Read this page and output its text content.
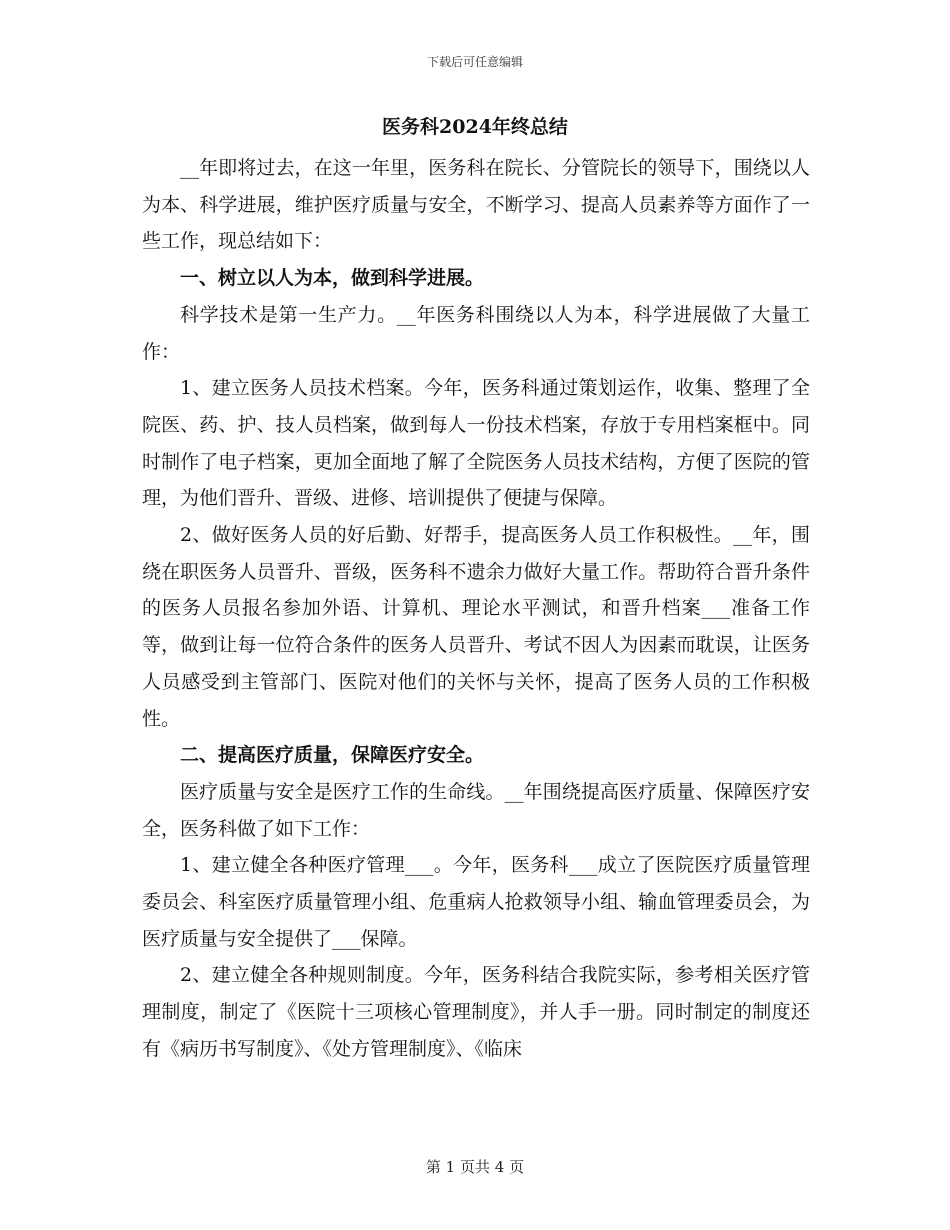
下载后可任意编辑
医务科2024年终总结

__年即将过去，在这一年里，医务科在院长、分管院长的领导下，围绕以人为本、科学进展，维护医疗质量与安全，不断学习、提高人员素养等方面作了一些工作，现总结如下：

一、树立以人为本，做到科学进展。

科学技术是第一生产力。__年医务科围绕以人为本，科学进展做了大量工作：

1、建立医务人员技术档案。今年，医务科通过策划运作，收集、整理了全院医、药、护、技人员档案，做到每人一份技术档案，存放于专用档案框中。同时制作了电子档案，更加全面地了解了全院医务人员技术结构，方便了医院的管理，为他们晋升、晋级、进修、培训提供了便捷与保障。

2、做好医务人员的好后勤、好帮手，提高医务人员工作积极性。__年，围绕在职医务人员晋升、晋级，医务科不遗余力做好大量工作。帮助符合晋升条件的医务人员报名参加外语、计算机、理论水平测试，和晋升档案___准备工作等，做到让每一位符合条件的医务人员晋升、考试不因人为因素而耽误，让医务人员感受到主管部门、医院对他们的关怀与关怀，提高了医务人员的工作积极性。

二、提高医疗质量，保障医疗安全。

医疗质量与安全是医疗工作的生命线。__年围绕提高医疗质量、保障医疗安全，医务科做了如下工作：

1、建立健全各种医疗管理___。今年，医务科___成立了医院医疗质量管理委员会、科室医疗质量管理小组、危重病人抢救领导小组、输血管理委员会，为医疗质量与安全提供了___保障。

2、建立健全各种规则制度。今年，医务科结合我院实际，参考相关医疗管理制度，制定了《医院十三项核心管理制度》，并人手一册。同时制定的制度还有《病历书写制度》、《处方管理制度》、《临床

第 1 页共 4 页
